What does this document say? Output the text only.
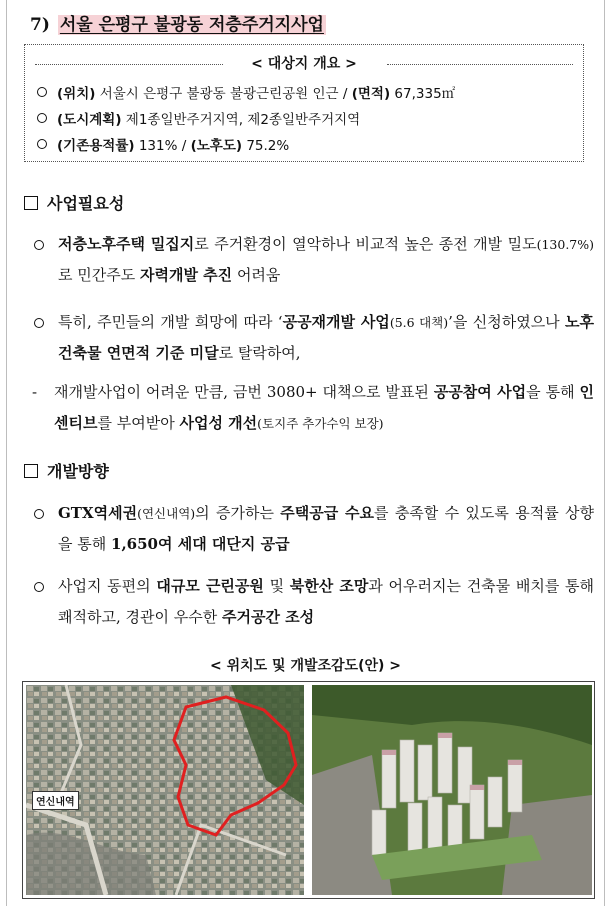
7) 서울 은평구 불광동 저층주거지사업
< 대상지 개요 >
(위치) 서울시 은평구 불광동 불광근린공원 인근 / (면적) 67,335㎡
(도시계획) 제1종일반주거지역, 제2종일반주거지역
(기존용적률) 131% / (노후도) 75.2%
사업필요성
저층노후주택 밀집지로 주거환경이 열악하나 비교적 높은 종전 개발 밀도(130.7%)로 민간주도 자력개발 추진 어려움
특히, 주민들의 개발 희망에 따라 ‘공공재개발 사업(5.6 대책)’을 신청하였으나 노후 건축물 연면적 기준 미달로 탈락하여,
- 재개발사업이 어려운 만큼, 금번 3080+ 대책으로 발표된 공공참여 사업을 통해 인센티브를 부여받아 사업성 개선(토지주 추가수익 보장)
개발방향
GTX역세권(연신내역)의 증가하는 주택공급 수요를 충족할 수 있도록 용적률 상향을 통해 1,650여 세대 대단지 공급
사업지 동편의 대규모 근린공원 및 북한산 조망과 어우러지는 건축물 배치를 통해 쾌적하고, 경관이 우수한 주거공간 조성
< 위치도 및 개발조감도(안) >
연신내역
